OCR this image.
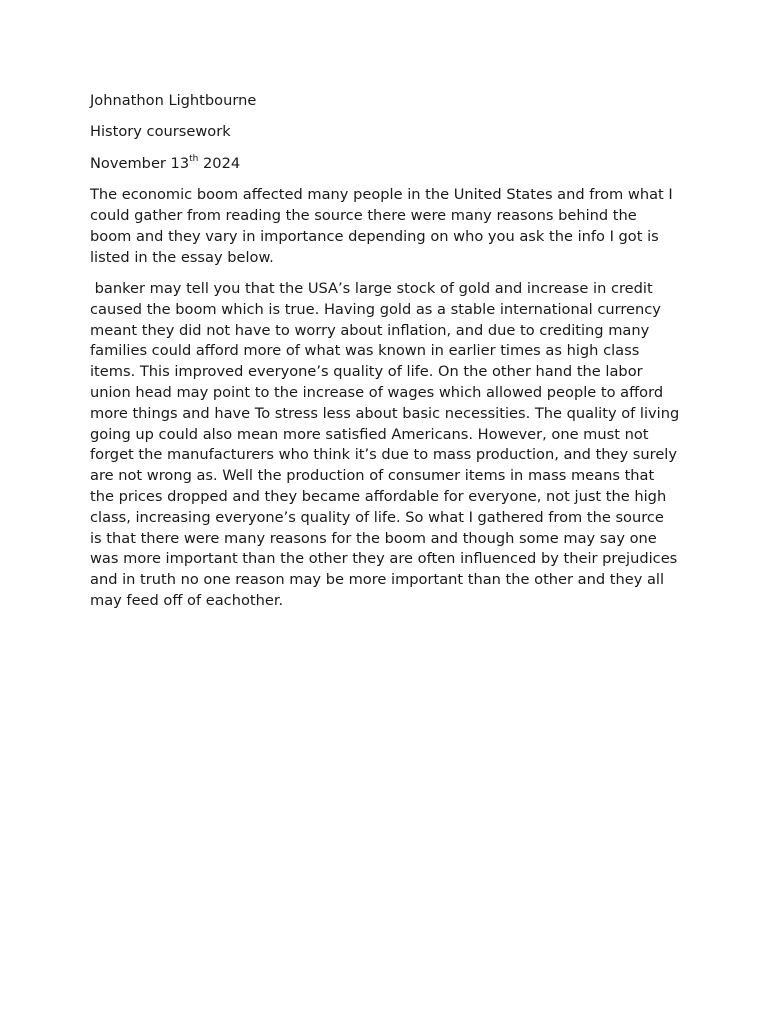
Johnathon Lightbourne
History coursework
November 13th 2024

The economic boom affected many people in the United States and from what I could gather from reading the source there were many reasons behind the boom and they vary in importance depending on who you ask the info I got is listed in the essay below.

banker may tell you that the USA’s large stock of gold and increase in credit caused the boom which is true. Having gold as a stable international currency meant they did not have to worry about inflation, and due to crediting many families could afford more of what was known in earlier times as high class items. This improved everyone’s quality of life. On the other hand the labor union head may point to the increase of wages which allowed people to afford more things and have To stress less about basic necessities. The quality of living going up could also mean more satisfied Americans. However, one must not forget the manufacturers who think it’s due to mass production, and they surely are not wrong as. Well the production of consumer items in mass means that the prices dropped and they became affordable for everyone, not just the high class, increasing everyone’s quality of life. So what I gathered from the source is that there were many reasons for the boom and though some may say one was more important than the other they are often influenced by their prejudices and in truth no one reason may be more important than the other and they all may feed off of eachother.
